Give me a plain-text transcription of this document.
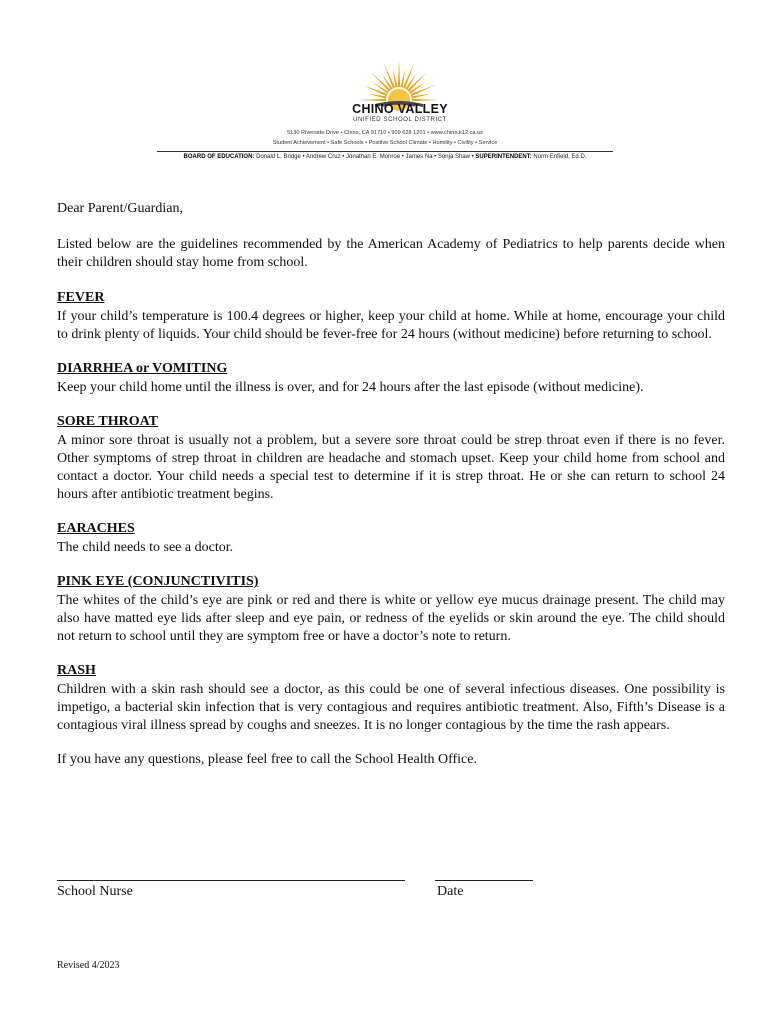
CHINO VALLEY
UNIFIED SCHOOL DISTRICT
5130 Riverside Drive • Chino, CA 91710 • 909 628 1201 • www.chino.k12.ca.us
Student Achievement • Safe Schools • Positive School Climate • Humility • Civility • Service
BOARD OF EDUCATION: Donald L. Bridge • Andrew Cruz • Jonathan E. Monroe • James Na • Sonja Shaw • SUPERINTENDENT: Norm Enfield, Ed.D.

Dear Parent/Guardian,

Listed below are the guidelines recommended by the American Academy of Pediatrics to help parents decide when their children should stay home from school.

FEVER

If your child’s temperature is 100.4 degrees or higher, keep your child at home. While at home, encourage your child to drink plenty of liquids. Your child should be fever-free for 24 hours (without medicine) before returning to school.

DIARRHEA or VOMITING

Keep your child home until the illness is over, and for 24 hours after the last episode (without medicine).

SORE THROAT

A minor sore throat is usually not a problem, but a severe sore throat could be strep throat even if there is no fever. Other symptoms of strep throat in children are headache and stomach upset. Keep your child home from school and contact a doctor. Your child needs a special test to determine if it is strep throat. He or she can return to school 24 hours after antibiotic treatment begins.

EARACHES

The child needs to see a doctor.

PINK EYE (CONJUNCTIVITIS)

The whites of the child’s eye are pink or red and there is white or yellow eye mucus drainage present. The child may also have matted eye lids after sleep and eye pain, or redness of the eyelids or skin around the eye. The child should not return to school until they are symptom free or have a doctor’s note to return.

RASH

Children with a skin rash should see a doctor, as this could be one of several infectious diseases. One possibility is impetigo, a bacterial skin infection that is very contagious and requires antibiotic treatment. Also, Fifth’s Disease is a contagious viral illness spread by coughs and sneezes. It is no longer contagious by the time the rash appears.

If you have any questions, please feel free to call the School Health Office.

School Nurse	Date
Revised 4/2023
